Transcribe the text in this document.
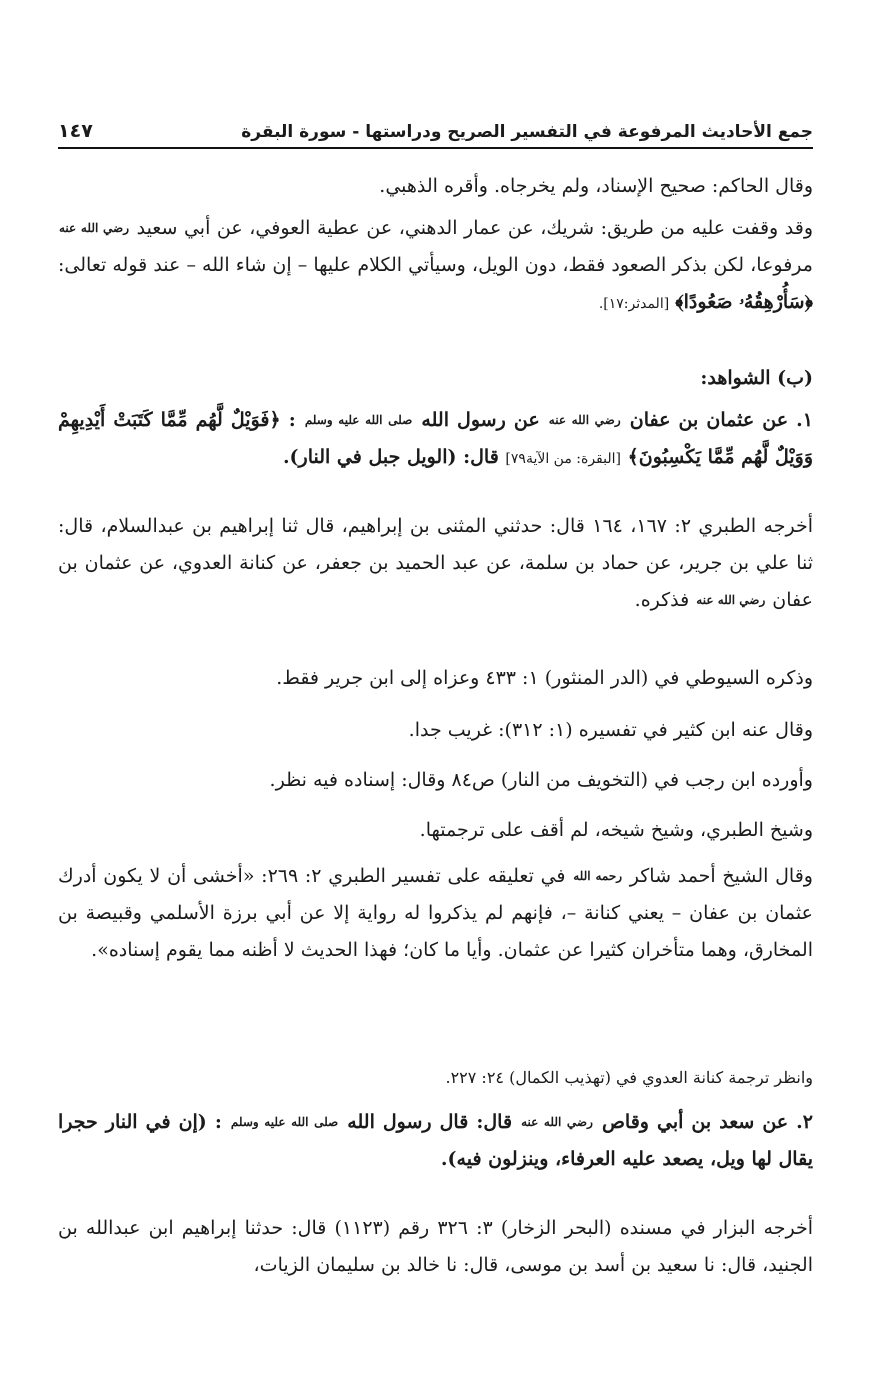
جمع الأحاديث المرفوعة في التفسير الصريح ودراستها - سورة البقرة
١٤٧

وقال الحاكم: صحيح الإسناد، ولم يخرجاه. وأقره الذهبي.

وقد وقفت عليه من طريق: شريك، عن عمار الدهني، عن عطية العوفي، عن أبي سعيد رضي الله عنه مرفوعا، لكن بذكر الصعود فقط، دون الويل، وسيأتي الكلام عليها – إن شاء الله – عند قوله تعالى: ﴿سَأُرْهِقُهُۥ صَعُودًا﴾ [المدثر:١٧].

(ب) الشواهد:

١. عن عثمان بن عفان رضي الله عنه عن رسول الله صلى الله عليه وسلم : ﴿فَوَيْلٌ لَّهُم مِّمَّا كَتَبَتْ أَيْدِيهِمْ وَوَيْلٌ لَّهُم مِّمَّا يَكْسِبُونَ﴾ [البقرة: من الآية٧٩] قال: (الويل جبل في النار).

أخرجه الطبري ٢: ١٦٧، ١٦٤ قال: حدثني المثنى بن إبراهيم، قال ثنا إبراهيم بن عبدالسلام، قال: ثنا علي بن جرير، عن حماد بن سلمة، عن عبد الحميد بن جعفر، عن كنانة العدوي، عن عثمان بن عفان رضي الله عنه فذكره.

وذكره السيوطي في (الدر المنثور) ١: ٤٣٣ وعزاه إلى ابن جرير فقط.

وقال عنه ابن كثير في تفسيره (١: ٣١٢): غريب جدا.

وأورده ابن رجب في (التخويف من النار) ص٨٤ وقال: إسناده فيه نظر.

وشيخ الطبري، وشيخ شيخه، لم أقف على ترجمتها.

وقال الشيخ أحمد شاكر رحمه الله في تعليقه على تفسير الطبري ٢: ٢٦٩: «أخشى أن لا يكون أدرك عثمان بن عفان – يعني كنانة –، فإنهم لم يذكروا له رواية إلا عن أبي برزة الأسلمي وقبيصة بن المخارق، وهما متأخران كثيرا عن عثمان. وأيا ما كان؛ فهذا الحديث لا أظنه مما يقوم إسناده».

وانظر ترجمة كنانة العدوي في (تهذيب الكمال) ٢٤: ٢٢٧.

٢. عن سعد بن أبي وقاص رضي الله عنه قال: قال رسول الله صلى الله عليه وسلم : (إن في النار حجرا يقال لها ويل، يصعد عليه العرفاء، وينزلون فيه).

أخرجه البزار في مسنده (البحر الزخار) ٣: ٣٢٦ رقم (١١٢٣) قال: حدثنا إبراهيم ابن عبدالله بن الجنيد، قال: نا سعيد بن أسد بن موسى، قال: نا خالد بن سليمان الزيات،
